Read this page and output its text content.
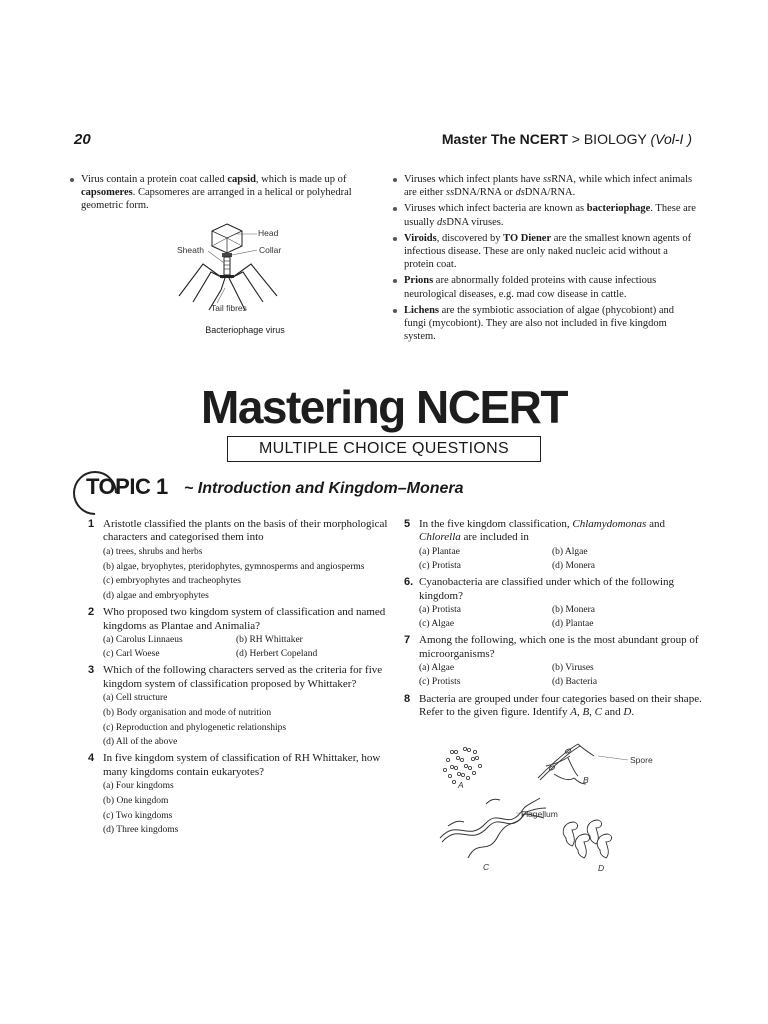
20	Master The NCERT > BIOLOGY (Vol-I )
Virus contain a protein coat called capsid, which is made up of capsomeres. Capsomeres are arranged in a helical or polyhedral geometric form.
Head
Collar
Sheath
Tail fibres
Bacteriophage virus
Viruses which infect plants have ssRNA, while which infect animals are either ssDNA/RNA or dsDNA/RNA.
Viruses which infect bacteria are known as bacteriophage. These are usually dsDNA viruses.
Viroids, discovered by TO Diener are the smallest known agents of infectious disease. These are only naked nucleic acid without a protein coat.
Prions are abnormally folded proteins with cause infectious neurological diseases, e.g. mad cow disease in cattle.
Lichens are the symbiotic association of algae (phycobiont) and fungi (mycobiont). They are also not included in five kingdom system.
Mastering NCERT
MULTIPLE CHOICE QUESTIONS
TOPIC 1 ~ Introduction and Kingdom–Monera
1 Aristotle classified the plants on the basis of their morphological characters and categorised them into
(a) trees, shrubs and herbs
(b) algae, bryophytes, pteridophytes, gymnosperms and angiosperms
(c) embryophytes and tracheophytes
(d) algae and embryophytes
2 Who proposed two kingdom system of classification and named kingdoms as Plantae and Animalia?
(a) Carolus Linnaeus	(b) RH Whittaker
(c) Carl Woese	(d) Herbert Copeland
3 Which of the following characters served as the criteria for five kingdom system of classification proposed by Whittaker?
(a) Cell structure
(b) Body organisation and mode of nutrition
(c) Reproduction and phylogenetic relationships
(d) All of the above
4 In five kingdom system of classification of RH Whittaker, how many kingdoms contain eukaryotes?
(a) Four kingdoms
(b) One kingdom
(c) Two kingdoms
(d) Three kingdoms
5 In the five kingdom classification, Chlamydomonas and Chlorella are included in
(a) Plantae	(b) Algae
(c) Protista	(d) Monera
6. Cyanobacteria are classified under which of the following kingdom?
(a) Protista	(b) Monera
(c) Algae	(d) Plantae
7 Among the following, which one is the most abundant group of microorganisms?
(a) Algae	(b) Viruses
(c) Protists	(d) Bacteria
8 Bacteria are grouped under four categories based on their shape. Refer to the given figure. Identify A, B, C and D.
A
Spore
B
Flagellum
C	D
